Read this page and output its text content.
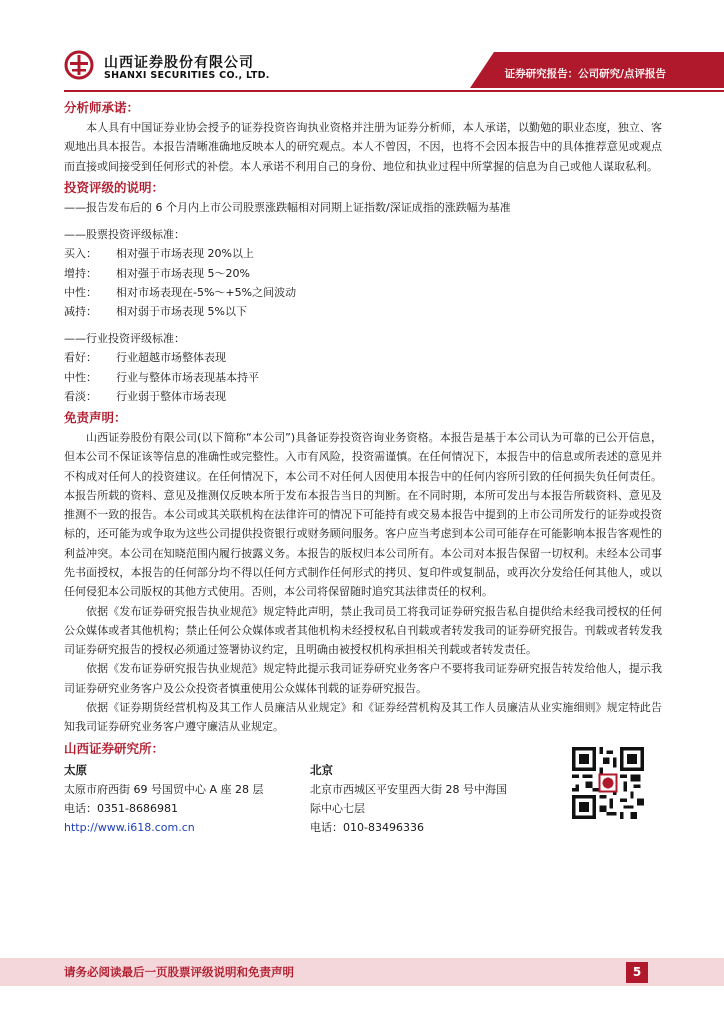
山西证券股份有限公司
SHANXI SECURITIES CO., LTD.	证券研究报告：公司研究/点评报告
分析师承诺：
本人具有中国证券业协会授予的证券投资咨询执业资格并注册为证券分析师，本人承诺，以勤勉的职业态度，独立、客观地出具本报告。本报告清晰准确地反映本人的研究观点。本人不曾因，不因，也将不会因本报告中的具体推荐意见或观点而直接或间接受到任何形式的补偿。本人承诺不利用自己的身份、地位和执业过程中所掌握的信息为自己或他人谋取私利。
投资评级的说明：
——报告发布后的 6 个月内上市公司股票涨跌幅相对同期上证指数/深证成指的涨跌幅为基准
——股票投资评级标准：
买入：	相对强于市场表现 20%以上
增持：	相对强于市场表现 5～20%
中性：	相对市场表现在-5%～+5%之间波动
减持：	相对弱于市场表现 5%以下
——行业投资评级标准：
看好：	行业超越市场整体表现
中性：	行业与整体市场表现基本持平
看淡：	行业弱于整体市场表现
免责声明：
山西证券股份有限公司(以下简称“本公司”)具备证券投资咨询业务资格。本报告是基于本公司认为可靠的已公开信息，但本公司不保证该等信息的准确性或完整性。入市有风险，投资需谨慎。在任何情况下，本报告中的信息或所表述的意见并不构成对任何人的投资建议。在任何情况下，本公司不对任何人因使用本报告中的任何内容所引致的任何损失负任何责任。本报告所载的资料、意见及推测仅反映本所于发布本报告当日的判断。在不同时期，本所可发出与本报告所载资料、意见及推测不一致的报告。本公司或其关联机构在法律许可的情况下可能持有或交易本报告中提到的上市公司所发行的证券或投资标的，还可能为或争取为这些公司提供投资银行或财务顾问服务。客户应当考虑到本公司可能存在可能影响本报告客观性的利益冲突。本公司在知晓范围内履行披露义务。本报告的版权归本公司所有。本公司对本报告保留一切权利。未经本公司事先书面授权，本报告的任何部分均不得以任何方式制作任何形式的拷贝、复印件或复制品，或再次分发给任何其他人，或以任何侵犯本公司版权的其他方式使用。否则，本公司将保留随时追究其法律责任的权利。
依据《发布证券研究报告执业规范》规定特此声明，禁止我司员工将我司证券研究报告私自提供给未经我司授权的任何公众媒体或者其他机构；禁止任何公众媒体或者其他机构未经授权私自刊载或者转发我司的证券研究报告。刊载或者转发我司证券研究报告的授权必须通过签署协议约定，且明确由被授权机构承担相关刊载或者转发责任。
依据《发布证券研究报告执业规范》规定特此提示我司证券研究业务客户不要将我司证券研究报告转发给他人，提示我司证券研究业务客户及公众投资者慎重使用公众媒体刊载的证券研究报告。
依据《证券期货经营机构及其工作人员廉洁从业规定》和《证券经营机构及其工作人员廉洁从业实施细则》规定特此告知我司证券研究业务客户遵守廉洁从业规定。
山西证券研究所：
太原
太原市府西街 69 号国贸中心 A 座 28 层
电话：0351-8686981
http://www.i618.com.cn
北京
北京市西城区平安里西大街 28 号中海国
际中心七层
电话：010-83496336
请务必阅读最后一页股票评级说明和免责声明	5
